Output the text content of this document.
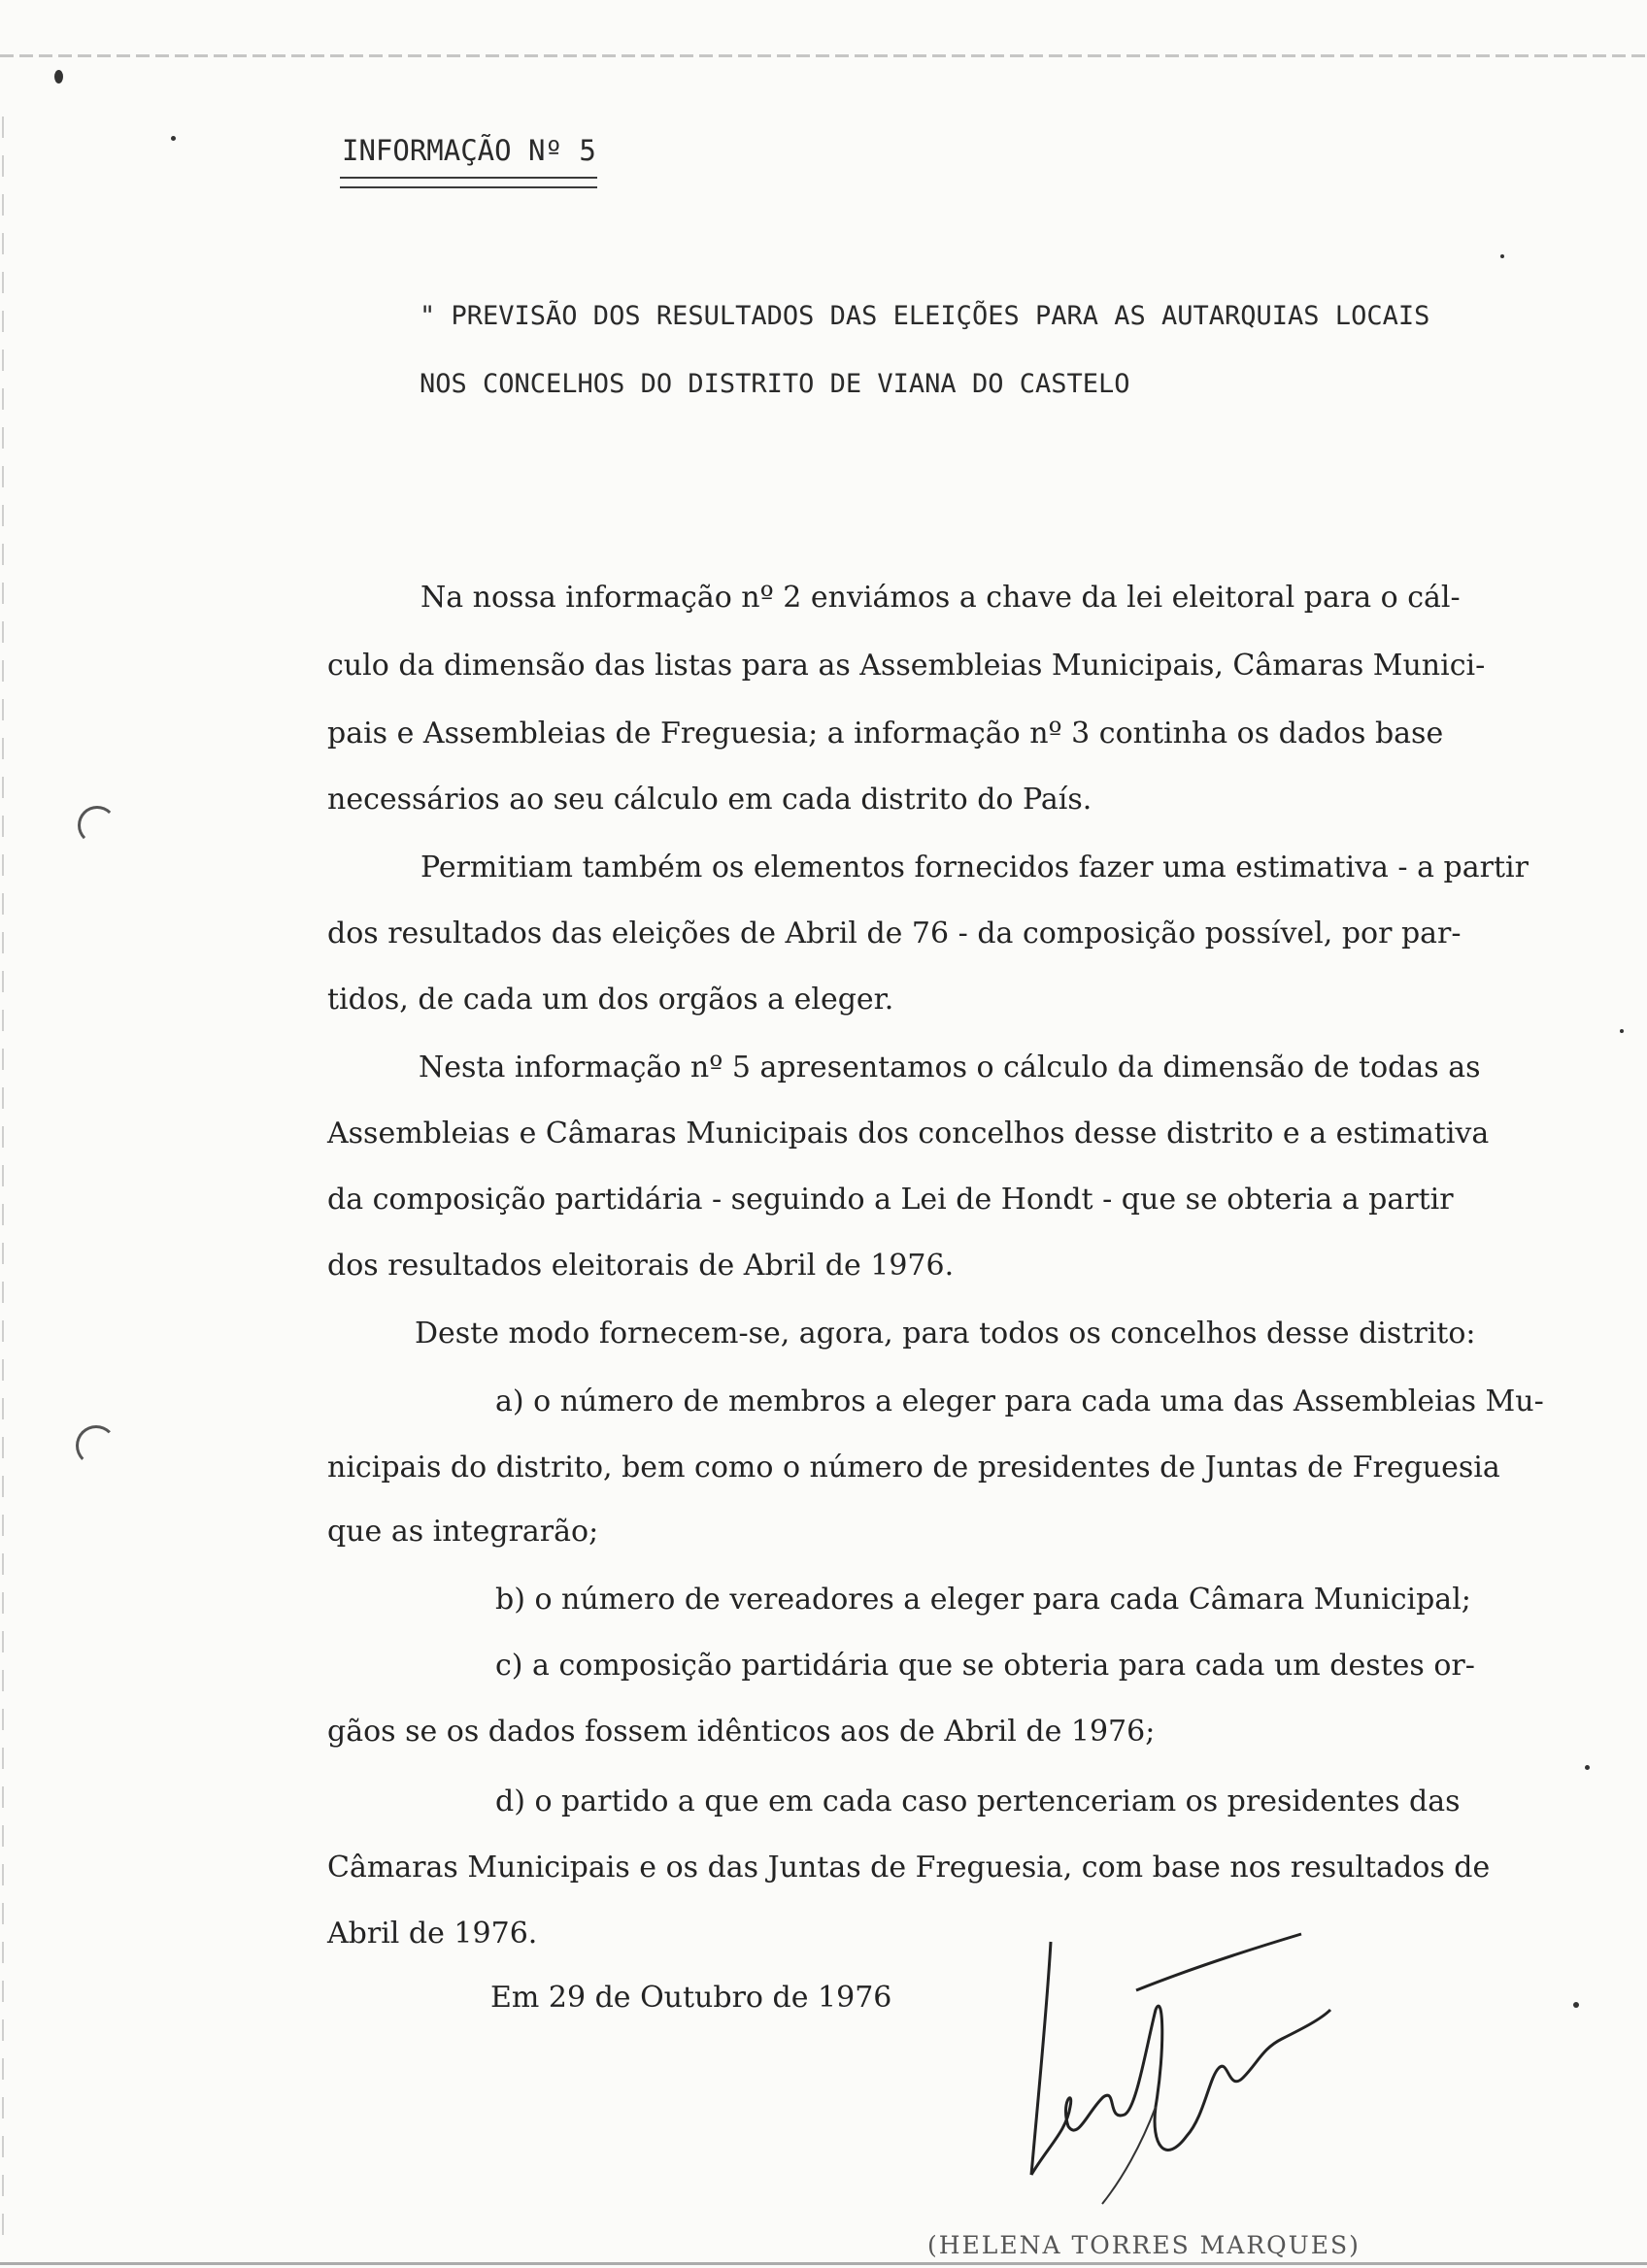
INFORMAÇÃO Nº 5
" PREVISÃO DOS RESULTADOS DAS ELEIÇÕES PARA AS AUTARQUIAS LOCAIS
NOS CONCELHOS DO DISTRITO DE VIANA DO CASTELO
Na nossa informação nº 2 enviámos a chave da lei eleitoral para o cál-
culo da dimensão das listas para as Assembleias Municipais, Câmaras Munici-
pais e Assembleias de Freguesia; a informação nº 3 continha os dados base
necessários ao seu cálculo em cada distrito do País.
Permitiam também os elementos fornecidos fazer uma estimativa - a partir
dos resultados das eleições de Abril de 76 - da composição possível, por par-
tidos, de cada um dos orgãos a eleger.
Nesta informação nº 5 apresentamos o cálculo da dimensão de todas as
Assembleias e Câmaras Municipais dos concelhos desse distrito e a estimativa
da composição partidária - seguindo a Lei de Hondt - que se obteria a partir
dos resultados eleitorais de Abril de 1976.
Deste modo fornecem-se, agora, para todos os concelhos desse distrito:
a) o número de membros a eleger para cada uma das Assembleias Mu-
nicipais do distrito, bem como o número de presidentes de Juntas de Freguesia
que as integrarão;
b) o número de vereadores a eleger para cada Câmara Municipal;
c) a composição partidária que se obteria para cada um destes or-
gãos se os dados fossem idênticos aos de Abril de 1976;
d) o partido a que em cada caso pertenceriam os presidentes das
Câmaras Municipais e os das Juntas de Freguesia, com base nos resultados de
Abril de 1976.
Em 29 de Outubro de 1976
(HELENA TORRES MARQUES)
